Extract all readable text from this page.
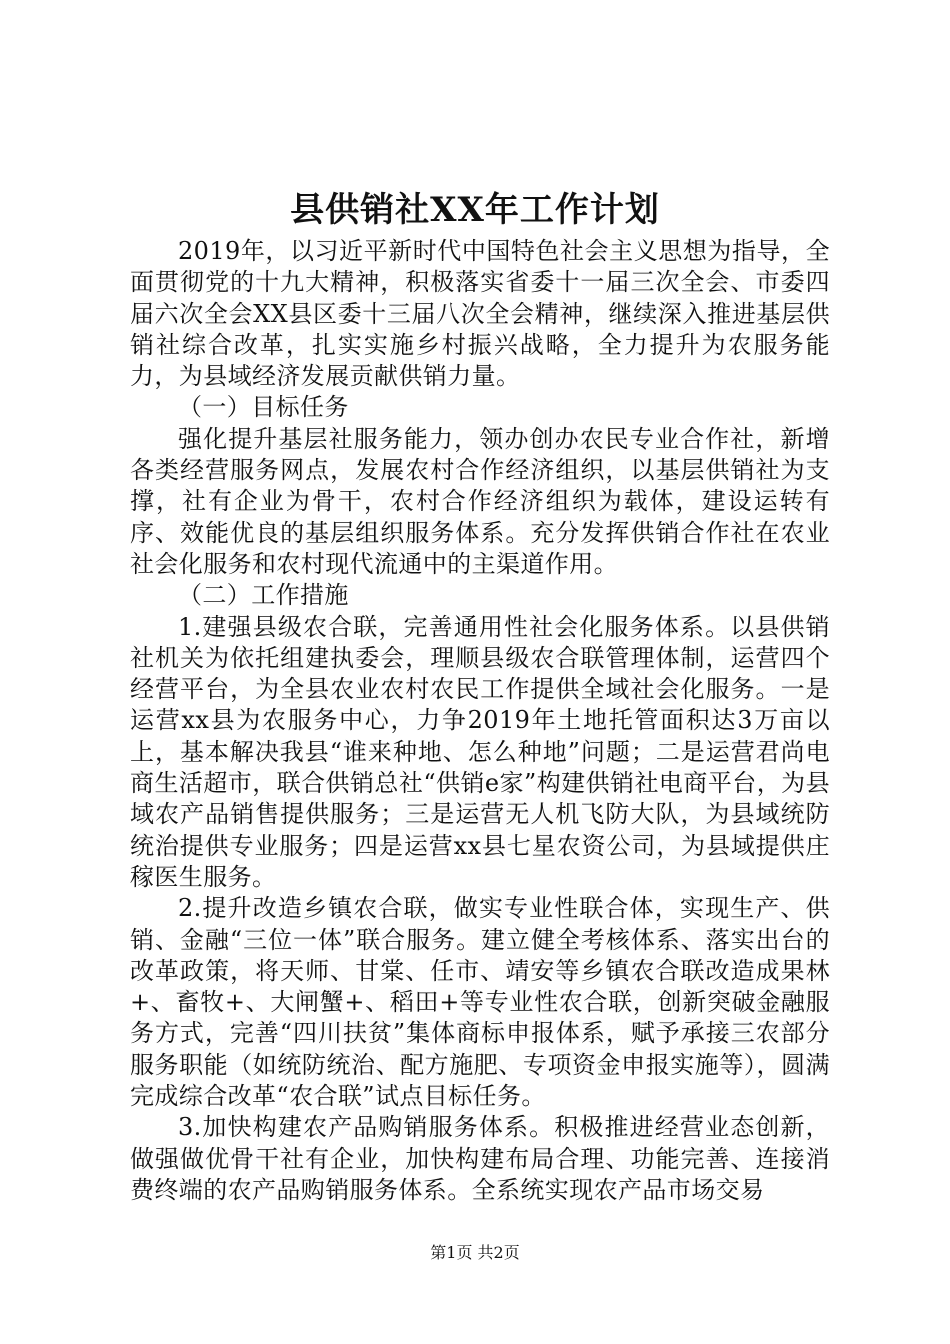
县供销社XX年工作计划

2019年，以习近平新时代中国特色社会主义思想为指导，全面贯彻党的十九大精神，积极落实省委十一届三次全会、市委四届六次全会XX县区委十三届八次全会精神，继续深入推进基层供销社综合改革，扎实实施乡村振兴战略，全力提升为农服务能力，为县域经济发展贡献供销力量。

（一）目标任务

强化提升基层社服务能力，领办创办农民专业合作社，新增各类经营服务网点，发展农村合作经济组织，以基层供销社为支撑，社有企业为骨干，农村合作经济组织为载体，建设运转有序、效能优良的基层组织服务体系。充分发挥供销合作社在农业社会化服务和农村现代流通中的主渠道作用。

（二）工作措施

1.建强县级农合联，完善通用性社会化服务体系。以县供销社机关为依托组建执委会，理顺县级农合联管理体制，运营四个经营平台，为全县农业农村农民工作提供全域社会化服务。一是运营xx县为农服务中心，力争2019年土地托管面积达3万亩以上，基本解决我县“谁来种地、怎么种地”问题；二是运营君尚电商生活超市，联合供销总社“供销e家”构建供销社电商平台，为县域农产品销售提供服务；三是运营无人机飞防大队，为县域统防统治提供专业服务；四是运营xx县七星农资公司，为县域提供庄稼医生服务。

2.提升改造乡镇农合联，做实专业性联合体，实现生产、供销、金融“三位一体”联合服务。建立健全考核体系、落实出台的改革政策，将天师、甘棠、任市、靖安等乡镇农合联改造成果林+、畜牧+、大闸蟹+、稻田+等专业性农合联，创新突破金融服务方式，完善“四川扶贫”集体商标申报体系，赋予承接三农部分服务职能（如统防统治、配方施肥、专项资金申报实施等），圆满完成综合改革“农合联”试点目标任务。

3.加快构建农产品购销服务体系。积极推进经营业态创新，做强做优骨干社有企业，加快构建布局合理、功能完善、连接消费终端的农产品购销服务体系。全系统实现农产品市场交易

第1页 共2页
